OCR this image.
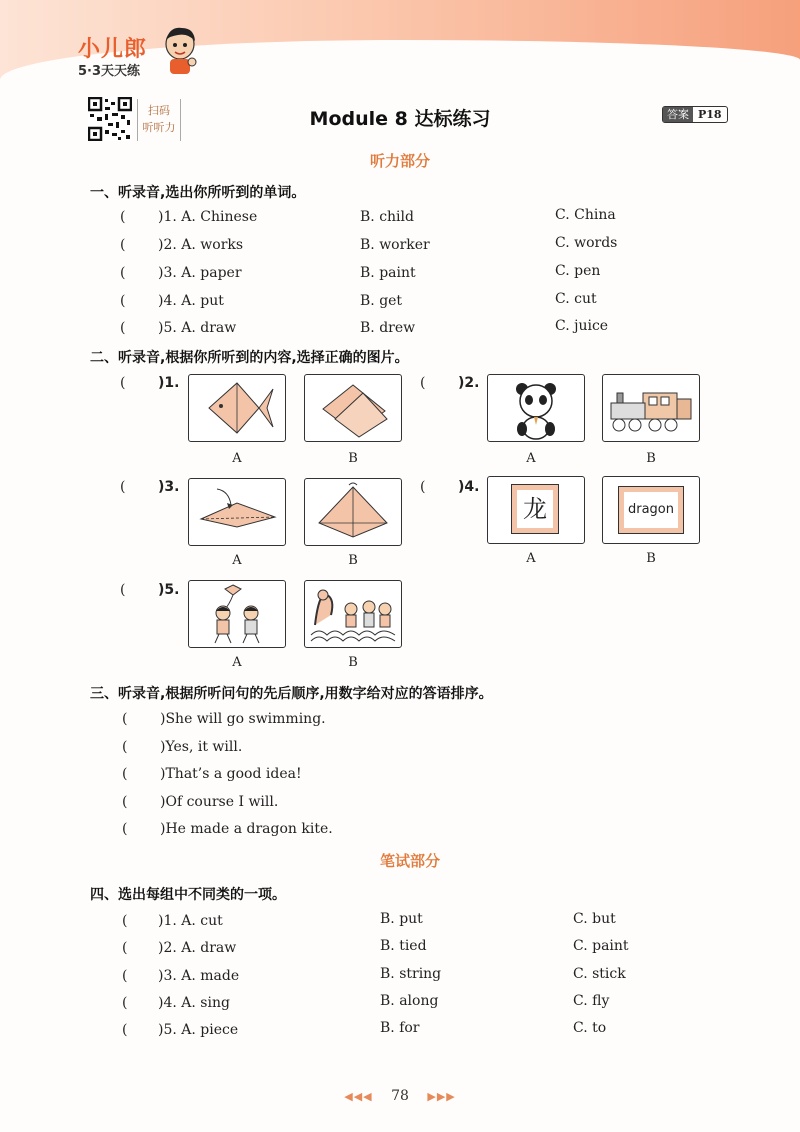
小儿郎
5·3天天练
扫码
听听力	Module 8 达标练习	答案 P18
听力部分
一、听录音,选出你所听到的单词。
( )1. A. Chinese	B. child	C. China
( )2. A. works	B. worker	C. words
( )3. A. paper	B. paint	C. pen
( )4. A. put	B. get	C. cut
( )5. A. draw	B. drew	C. juice
二、听录音,根据你所听到的内容,选择正确的图片。
( )1.
A	B
( )2.
A	B
( )3.
A	B
( )4.
龙
A
dragon
B
( )5.
A	B
三、听录音,根据所听问句的先后顺序,用数字给对应的答语排序。
( )She will go swimming.
( )Yes, it will.
( )That’s a good idea!
( )Of course I will.
( )He made a dragon kite.
笔试部分
四、选出每组中不同类的一项。
( )1. A. cut	B. put	C. but
( )2. A. draw	B. tied	C. paint
( )3. A. made	B. string	C. stick
( )4. A. sing	B. along	C. fly
( )5. A. piece	B. for	C. to
◀◀◀ 78 ▶▶▶
